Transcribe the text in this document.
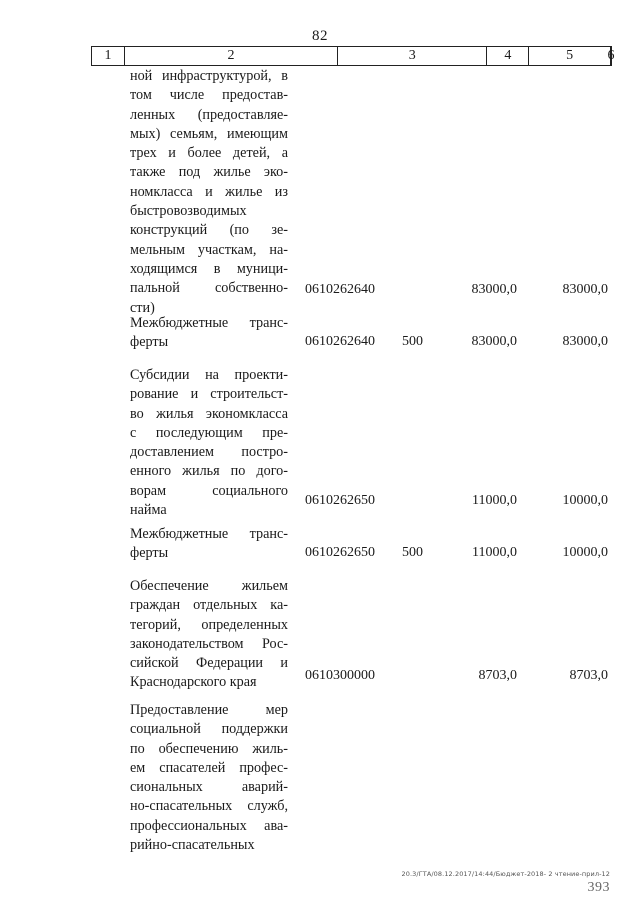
82
1	2	3	4	5	6
ной инфраструктурой, в
том числе предостав-
ленных (предоставляе-
мых) семьям, имеющим
трех и более детей, а
также под жилье эко-
номкласса и жилье из
быстровозводимых
конструкций (по зе-
мельным участкам, на-
ходящимся в муници-
пальной собственно-
сти)
0610262640	83000,0	83000,0
Межбюджетные транс-
ферты	0610262640 500	83000,0	83000,0
Субсидии на проекти-
рование и строительст-
во жилья экономкласса
с последующим пре-
доставлением постро-
енного жилья по дого-
ворам социального
найма
0610262650	11000,0	10000,0
Межбюджетные транс-
ферты	0610262650 500	11000,0	10000,0
Обеспечение жильем
граждан отдельных ка-
тегорий, определенных
законодательством Рос-
сийской Федерации и
Краснодарского края	0610300000	8703,0	8703,0
Предоставление мер
социальной поддержки
по обеспечению жиль-
ем спасателей профес-
сиональных аварий-
но-спасательных служб,
профессиональных ава-
рийно-спасательных
20.3/ГТА/08.12.2017/14:44/Бюджет-2018- 2 чтение-прил-12
393
